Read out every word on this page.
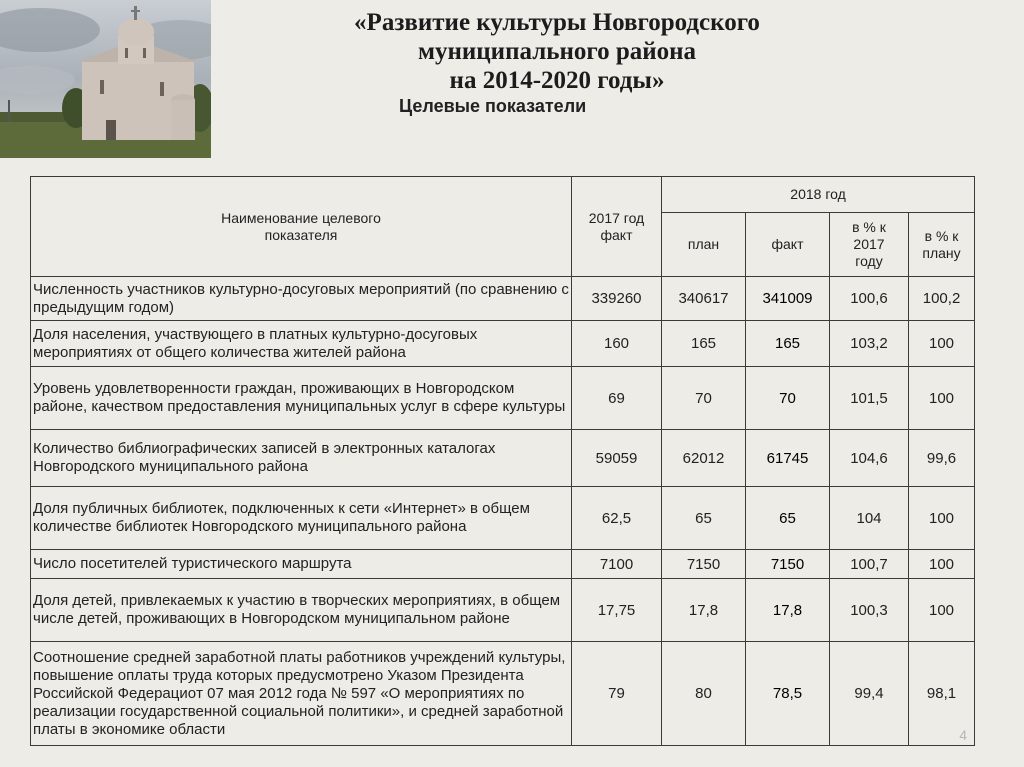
«Развитие культуры Новгородского
муниципального района
на 2014-2020 годы»
Целевые показатели
Наименование целевого показателя	2017 год факт	2018 год			
		план	факт	в % к 2017 году	в % к плану
Численность участников культурно-досуговых мероприятий (по сравнению с предыдущим годом)	339260	340617	341009	100,6	100,2
Доля населения, участвующего в платных культурно-досуговых мероприятиях от общего количества жителей района	160	165	165	103,2	100
Уровень удовлетворенности граждан, проживающих в Новгородском районе, качеством предоставления муниципальных услуг в сфере культуры	69	70	70	101,5	100
Количество библиографических записей в электронных каталогах Новгородского муниципального района	59059	62012	61745	104,6	99,6
Доля публичных библиотек, подключенных к сети «Интернет» в общем количестве библиотек Новгородского муниципального района	62,5	65	65	104	100
Число посетителей туристического маршрута	7100	7150	7150	100,7	100
Доля детей, привлекаемых к участию в творческих мероприятиях, в общем числе детей, проживающих в Новгородском муниципальном районе	17,75	17,8	17,8	100,3	100
Соотношение средней заработной платы работников учреждений культуры, повышение оплаты труда которых предусмотрено Указом Президента Российской Федерациoт 07 мая 2012 года № 597 «О мероприятиях по реализации государственной социальной политики», и средней заработной платы в экономике области	79	80	78,5	99,4	98,1
4
